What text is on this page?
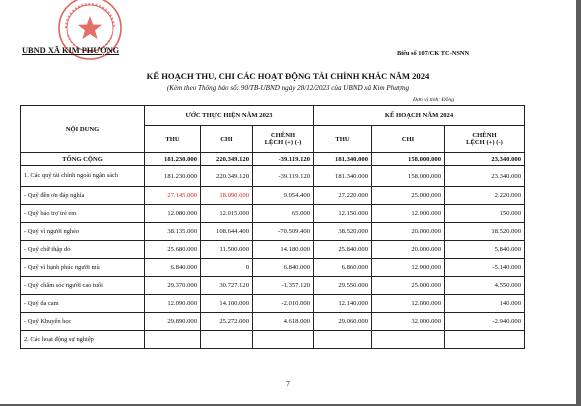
UBND XÃ KIM PHƯỢNG	Biểu số 107/CK TC-NSNN
KẾ HOẠCH THU, CHI CÁC HOẠT ĐỘNG TÀI CHÍNH KHÁC NĂM 2024
(Kèm theo Thông báo số: 90/TB-UBND ngày 28/12/2023 của UBND xã Kim Phượng
Đơn vị tính: Đồng
NỘI DUNG	ƯỚC THỰC HIỆN NĂM 2023			KẾ HOẠCH NĂM 2024		
	THU	CHI	CHÊNH
LỆCH (+) (-)	THU	CHI	CHÊNH
LỆCH (+) (-)
TỔNG CỘNG	181.230.000	220.349.120	-39.119.120	181.340.000	158.000.000	23.340.000
1. Các quỹ tài chính ngoài ngân sách	181.230.000	220.349.120	-39.119.120	181.340.000	158.000.000	23.340.000
- Quỹ đền ơn đáp nghĩa	27.145.000	18.090.600	9.054.400	27.220.000	25.000.000	2.220.000
- Quỹ bảo trợ trẻ em	12.080.000	12.015.000	65.000	12.150.000	12.000.000	150.000
- Quỹ vì người nghèo	38.135.000	108.644.400	-70.509.400	38.520.000	20.000.000	18.520.000
- Quỹ chữ thập đỏ	25.680.000	11.500.000	14.180.000	25.840.000	20.000.000	5.840.000
- Quỹ vì hạnh phúc người mù	6.840.000	0	6.840.000	6.860.000	12.000.000	-5.140.000
- Quỹ chăm sóc người cao tuổi	29.370.000	30.727.120	-1.357.120	29.550.000	25.000.000	4.550.000
- Quỹ da cam	12.090.000	14.100.000	-2.010.000	12.140.000	12.000.000	140.000
- Quỹ Khuyến học	29.890.000	25.272.000	4.618.000	29.060.000	32.000.000	-2.940.000
2. Các hoạt động sự nghiệp						
7
